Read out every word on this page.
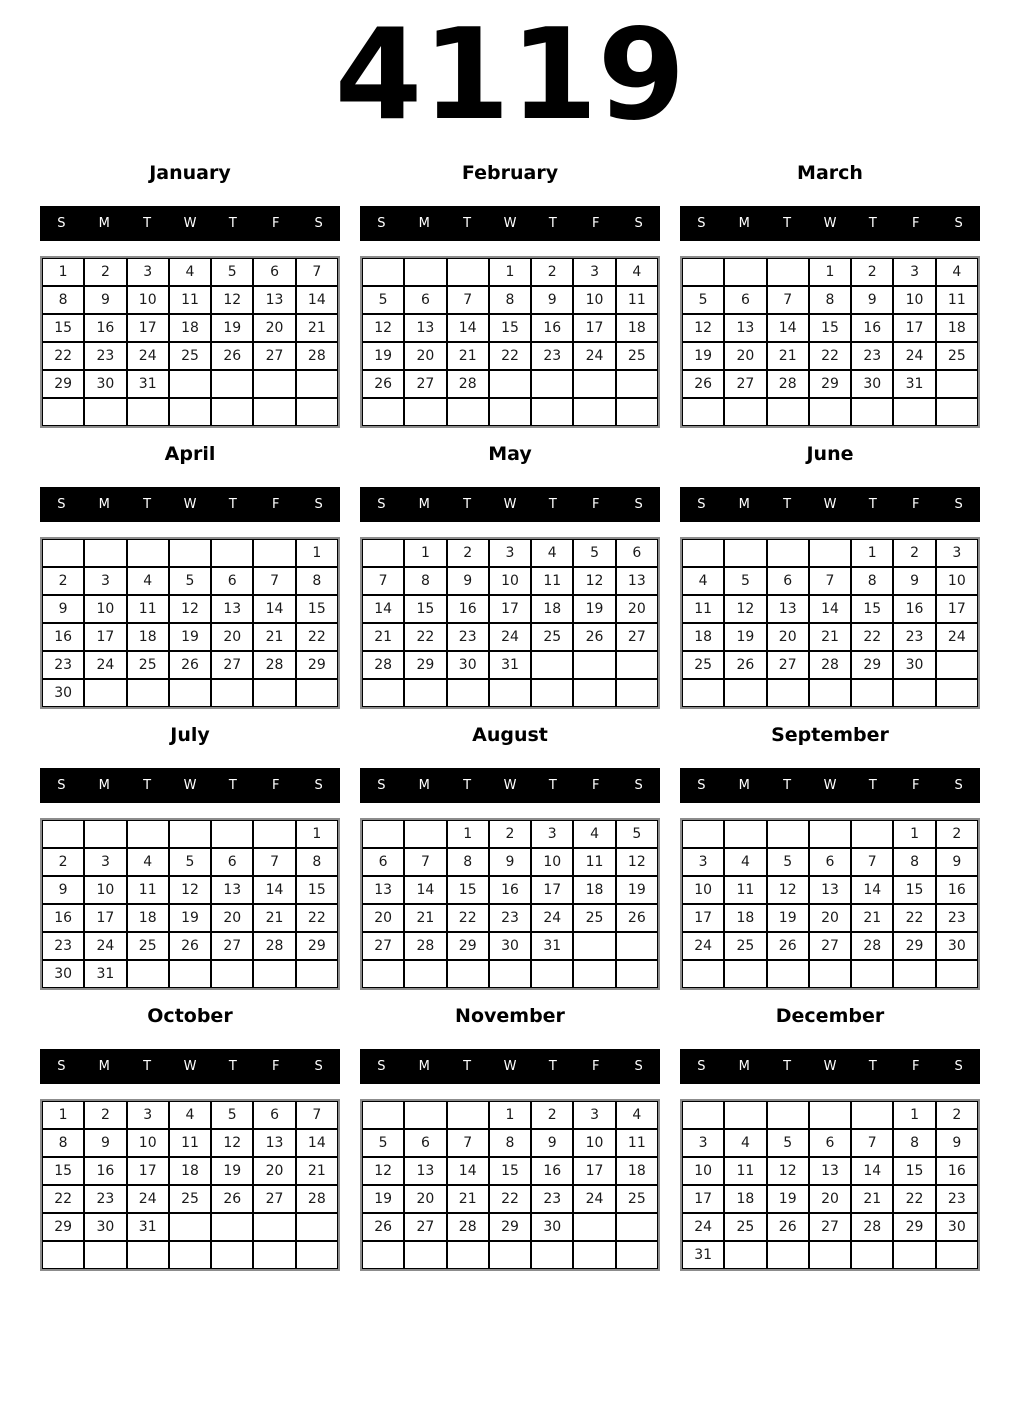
4119
January
S	M	T	W	T	F	S
1	2	3	4	5	6	7
8	9	10	11	12	13	14
15	16	17	18	19	20	21
22	23	24	25	26	27	28
29	30	31				

February
S	M	T	W	T	F	S
			1	2	3	4
5	6	7	8	9	10	11
12	13	14	15	16	17	18
19	20	21	22	23	24	25
26	27	28				

March
S	M	T	W	T	F	S
			1	2	3	4
5	6	7	8	9	10	11
12	13	14	15	16	17	18
19	20	21	22	23	24	25
26	27	28	29	30	31	

April
S	M	T	W	T	F	S
						1
2	3	4	5	6	7	8
9	10	11	12	13	14	15
16	17	18	19	20	21	22
23	24	25	26	27	28	29
30						
May
S	M	T	W	T	F	S
	1	2	3	4	5	6
7	8	9	10	11	12	13
14	15	16	17	18	19	20
21	22	23	24	25	26	27
28	29	30	31			

June
S	M	T	W	T	F	S
				1	2	3
4	5	6	7	8	9	10
11	12	13	14	15	16	17
18	19	20	21	22	23	24
25	26	27	28	29	30	

July
S	M	T	W	T	F	S
						1
2	3	4	5	6	7	8
9	10	11	12	13	14	15
16	17	18	19	20	21	22
23	24	25	26	27	28	29
30	31					
August
S	M	T	W	T	F	S
		1	2	3	4	5
6	7	8	9	10	11	12
13	14	15	16	17	18	19
20	21	22	23	24	25	26
27	28	29	30	31		

September
S	M	T	W	T	F	S
					1	2
3	4	5	6	7	8	9
10	11	12	13	14	15	16
17	18	19	20	21	22	23
24	25	26	27	28	29	30

October
S	M	T	W	T	F	S
1	2	3	4	5	6	7
8	9	10	11	12	13	14
15	16	17	18	19	20	21
22	23	24	25	26	27	28
29	30	31				

November
S	M	T	W	T	F	S
			1	2	3	4
5	6	7	8	9	10	11
12	13	14	15	16	17	18
19	20	21	22	23	24	25
26	27	28	29	30		

December
S	M	T	W	T	F	S
					1	2
3	4	5	6	7	8	9
10	11	12	13	14	15	16
17	18	19	20	21	22	23
24	25	26	27	28	29	30
31						
